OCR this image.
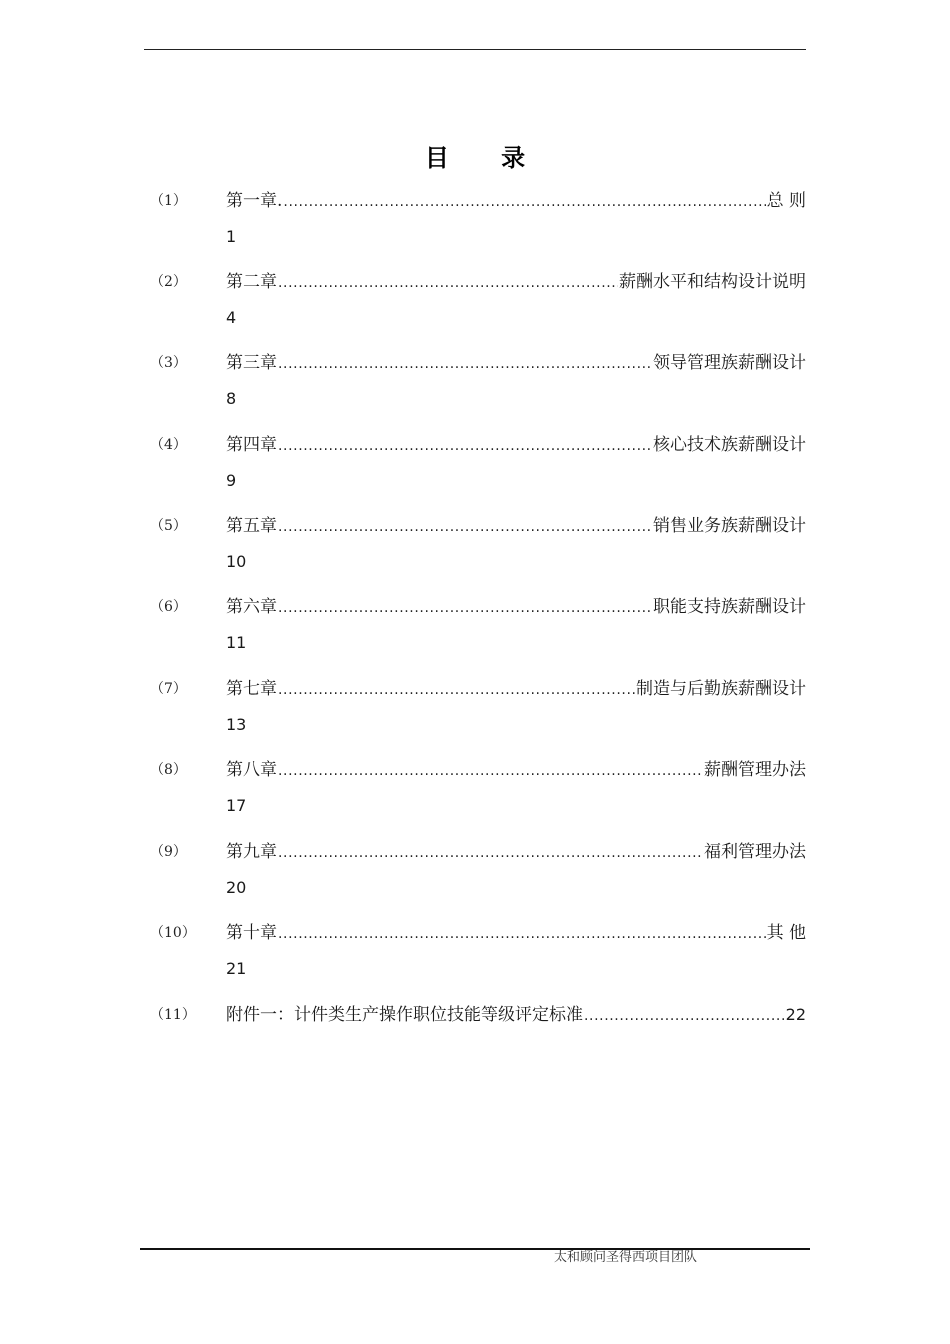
目 录
（1） 第一章. .....	总 则
1
（2） 第二章 .....	薪酬水平和结构设计说明
4
（3） 第三章 .....	领导管理族薪酬设计
8
（4） 第四章 .....	核心技术族薪酬设计
9
（5） 第五章 .....	销售业务族薪酬设计
10
（6） 第六章 .....	职能支持族薪酬设计
11
（7） 第七章 .....	制造与后勤族薪酬设计
13
（8） 第八章 .....	薪酬管理办法
17
（9） 第九章 .....	福利管理办法
20
（10） 第十章 .....	其 他
21
（11） 附件一：计件类生产操作职位技能等级评定标准 .....	22
太和顾问圣得西项目团队
